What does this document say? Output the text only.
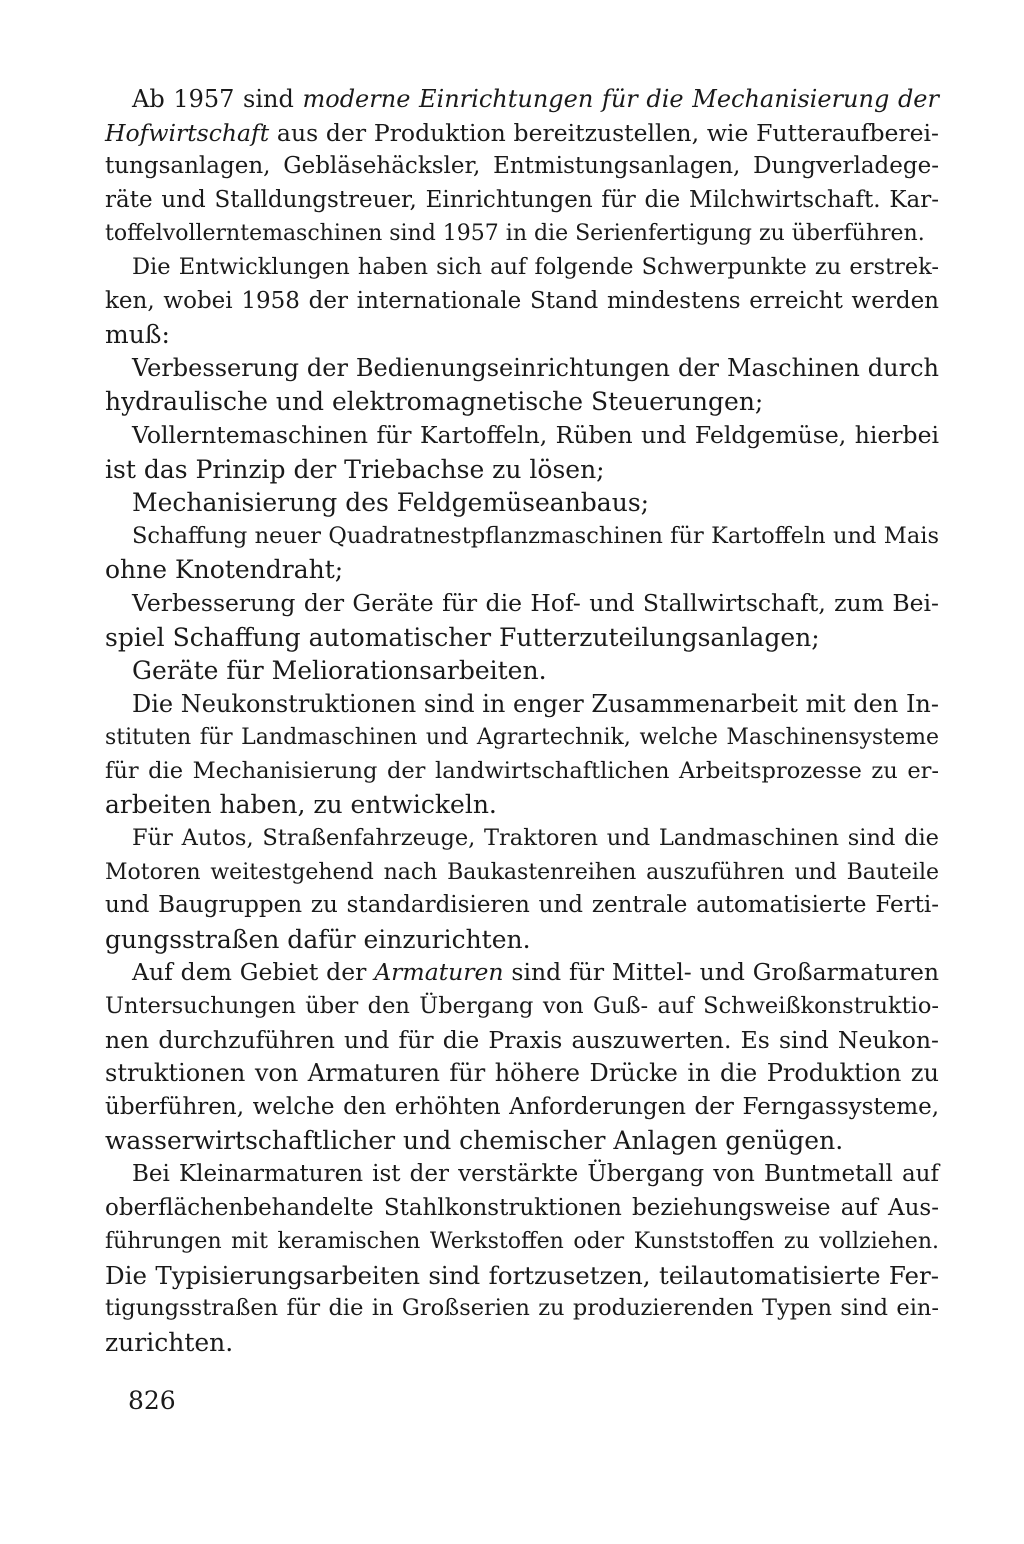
Ab 1957 sind moderne Einrichtungen für die Mechanisierung der
Hofwirtschaft aus der Produktion bereitzustellen, wie Futteraufberei-
tungsanlagen, Gebläsehäcksler, Entmistungsanlagen, Dungverladege-
räte und Stalldungstreuer, Einrichtungen für die Milchwirtschaft. Kar-
toffelvollerntemaschinen sind 1957 in die Serienfertigung zu überführen.
Die Entwicklungen haben sich auf folgende Schwerpunkte zu erstrek-
ken, wobei 1958 der internationale Stand mindestens erreicht werden
muß:
Verbesserung der Bedienungseinrichtungen der Maschinen durch
hydraulische und elektromagnetische Steuerungen;
Vollerntemaschinen für Kartoffeln, Rüben und Feldgemüse, hierbei
ist das Prinzip der Triebachse zu lösen;
Mechanisierung des Feldgemüseanbaus;
Schaffung neuer Quadratnestpflanzmaschinen für Kartoffeln und Mais
ohne Knotendraht;
Verbesserung der Geräte für die Hof- und Stallwirtschaft, zum Bei-
spiel Schaffung automatischer Futterzuteilungsanlagen;
Geräte für Meliorationsarbeiten.
Die Neukonstruktionen sind in enger Zusammenarbeit mit den In-
stituten für Landmaschinen und Agrartechnik, welche Maschinensysteme
für die Mechanisierung der landwirtschaftlichen Arbeitsprozesse zu er-
arbeiten haben, zu entwickeln.
Für Autos, Straßenfahrzeuge, Traktoren und Landmaschinen sind die
Motoren weitestgehend nach Baukastenreihen auszuführen und Bauteile
und Baugruppen zu standardisieren und zentrale automatisierte Ferti-
gungsstraßen dafür einzurichten.
Auf dem Gebiet der Armaturen sind für Mittel- und Großarmaturen
Untersuchungen über den Übergang von Guß- auf Schweißkonstruktio-
nen durchzuführen und für die Praxis auszuwerten. Es sind Neukon-
struktionen von Armaturen für höhere Drücke in die Produktion zu
überführen, welche den erhöhten Anforderungen der Ferngassysteme,
wasserwirtschaftlicher und chemischer Anlagen genügen.
Bei Kleinarmaturen ist der verstärkte Übergang von Buntmetall auf
oberflächenbehandelte Stahlkonstruktionen beziehungsweise auf Aus-
führungen mit keramischen Werkstoffen oder Kunststoffen zu vollziehen.
Die Typisierungsarbeiten sind fortzusetzen, teilautomatisierte Fer-
tigungsstraßen für die in Großserien zu produzierenden Typen sind ein-
zurichten.
826
